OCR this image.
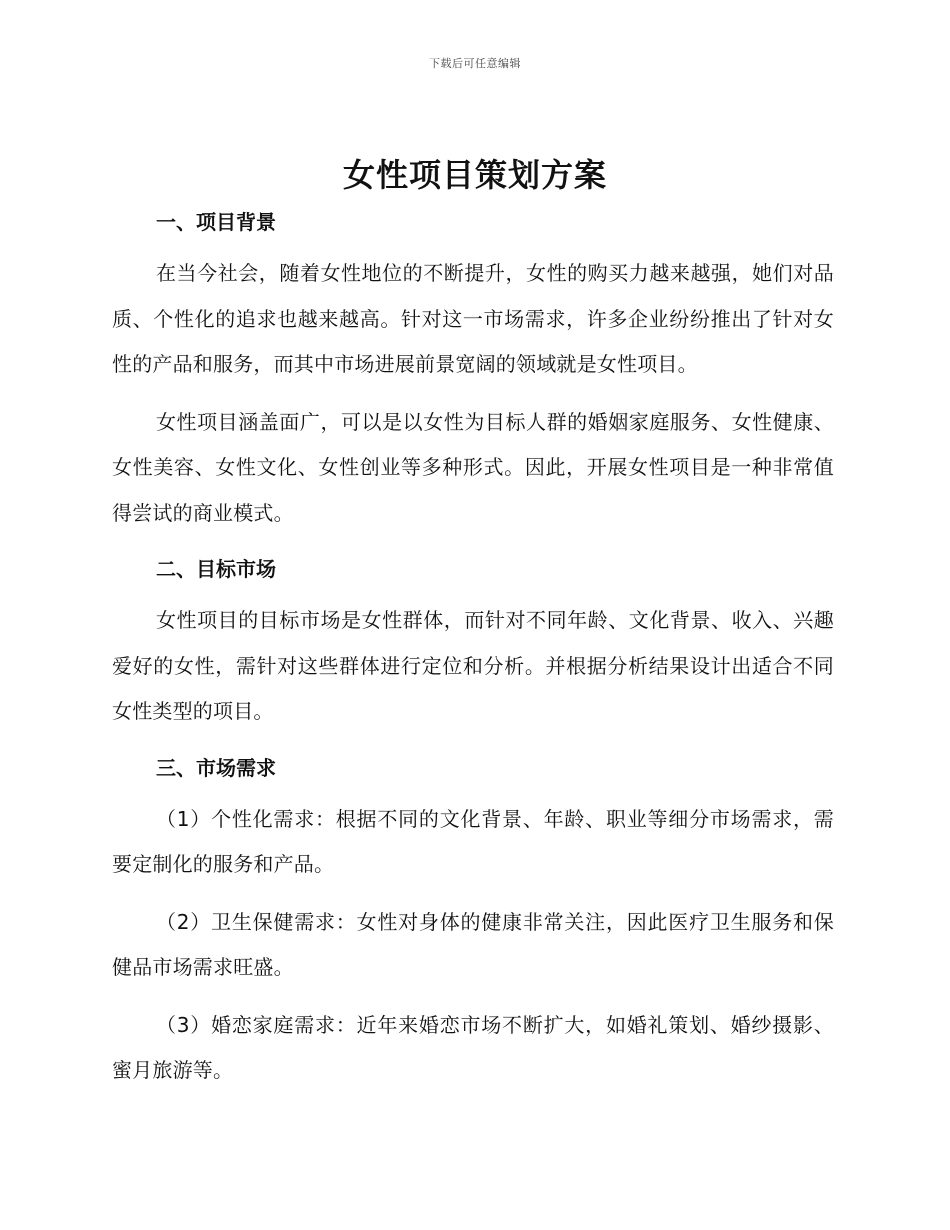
下载后可任意编辑
女性项目策划方案
一、项目背景

在当今社会，随着女性地位的不断提升，女性的购买力越来越强，她们对品质、个性化的追求也越来越高。针对这一市场需求，许多企业纷纷推出了针对女性的产品和服务，而其中市场进展前景宽阔的领域就是女性项目。

女性项目涵盖面广，可以是以女性为目标人群的婚姻家庭服务、女性健康、女性美容、女性文化、女性创业等多种形式。因此，开展女性项目是一种非常值得尝试的商业模式。

二、目标市场

女性项目的目标市场是女性群体，而针对不同年龄、文化背景、收入、兴趣爱好的女性，需针对这些群体进行定位和分析。并根据分析结果设计出适合不同女性类型的项目。

三、市场需求

（1）个性化需求：根据不同的文化背景、年龄、职业等细分市场需求，需要定制化的服务和产品。

（2）卫生保健需求：女性对身体的健康非常关注，因此医疗卫生服务和保健品市场需求旺盛。

（3）婚恋家庭需求：近年来婚恋市场不断扩大，如婚礼策划、婚纱摄影、蜜月旅游等。
